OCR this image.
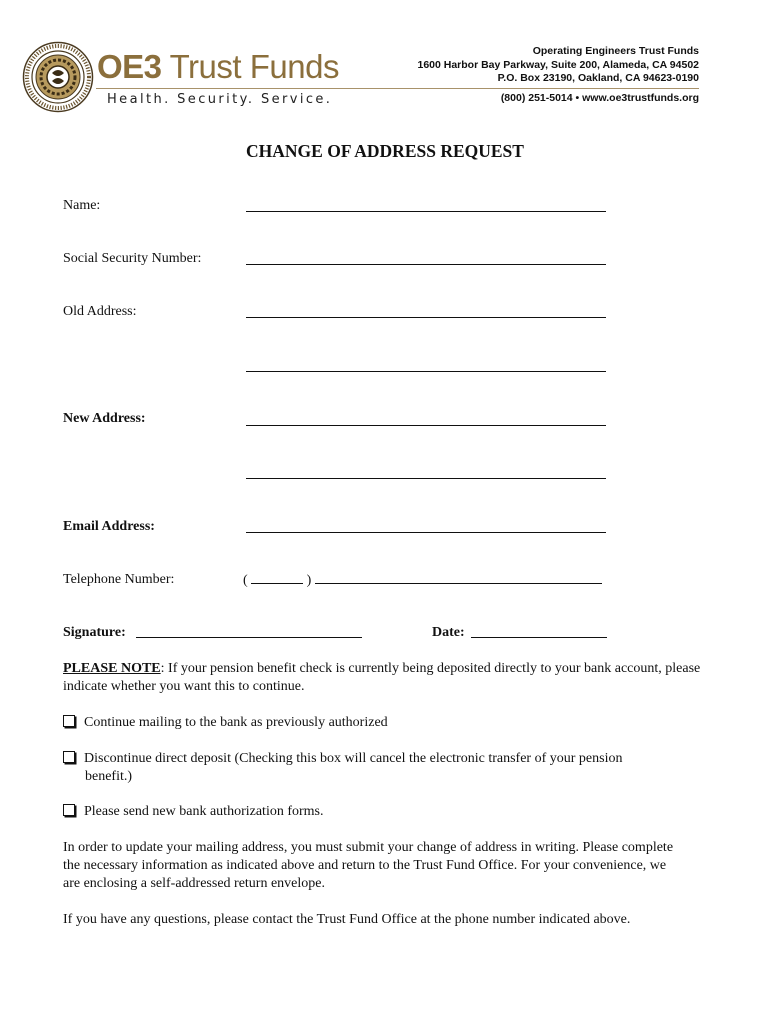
OE3 Trust Funds
Health. Security. Service.
Operating Engineers Trust Funds
1600 Harbor Bay Parkway, Suite 200, Alameda, CA 94502
P.O. Box 23190, Oakland, CA 94623-0190
(800) 251-5014 • www.oe3trustfunds.org
CHANGE OF ADDRESS REQUEST
Name:
Social Security Number:
Old Address:
New Address:
Email Address:
Telephone Number:	(	)
Signature:	Date:
PLEASE NOTE: If your pension benefit check is currently being deposited directly to your bank account, please indicate whether you want this to continue.
Continue mailing to the bank as previously authorized
Discontinue direct deposit (Checking this box will cancel the electronic transfer of your pension
benefit.)
Please send new bank authorization forms.
In order to update your mailing address, you must submit your change of address in writing. Please complete the necessary information as indicated above and return to the Trust Fund Office. For your convenience, we are enclosing a self-addressed return envelope.
If you have any questions, please contact the Trust Fund Office at the phone number indicated above.
